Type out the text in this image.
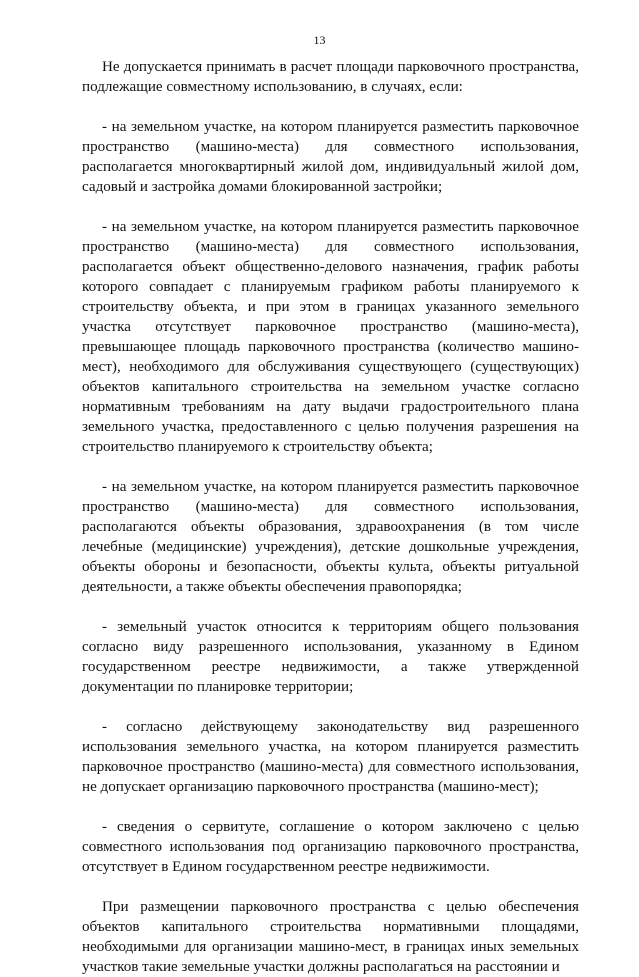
13

Не допускается принимать в расчет площади парковочного пространства, подлежащие совместному использованию, в случаях, если:

- на земельном участке, на котором планируется разместить парковочное пространство (машино-места) для совместного использования, располагается многоквартирный жилой дом, индивидуальный жилой дом, садовый и застройка домами блокированной застройки;

- на земельном участке, на котором планируется разместить парковочное пространство (машино-места) для совместного использования, располагается объект общественно-делового назначения, график работы которого совпадает с планируемым графиком работы планируемого к строительству объекта, и при этом в границах указанного земельного участка отсутствует парковочное пространство (машино-места), превышающее площадь парковочного пространства (количество машино-мест), необходимого для обслуживания существующего (существующих) объектов капитального строительства на земельном участке согласно нормативным требованиям на дату выдачи градостроительного плана земельного участка, предоставленного с целью получения разрешения на строительство планируемого к строительству объекта;

- на земельном участке, на котором планируется разместить парковочное пространство (машино-места) для совместного использования, располагаются объекты образования, здравоохранения (в том числе лечебные (медицинские) учреждения), детские дошкольные учреждения, объекты обороны и безопасности, объекты культа, объекты ритуальной деятельности, а также объекты обеспечения правопорядка;

- земельный участок относится к территориям общего пользования согласно виду разрешенного использования, указанному в Едином государственном реестре недвижимости, а также утвержденной документации по планировке территории;

- согласно действующему законодательству вид разрешенного использования земельного участка, на котором планируется разместить парковочное пространство (машино-места) для совместного использования, не допускает организацию парковочного пространства (машино-мест);

- сведения о сервитуте, соглашение о котором заключено с целью совместного использования под организацию парковочного пространства, отсутствует в Едином государственном реестре недвижимости.

При размещении парковочного пространства с целью обеспечения объектов капитального строительства нормативными площадями, необходимыми для организации машино-мест, в границах иных земельных участков такие земельные участки должны располагаться на расстоянии и
